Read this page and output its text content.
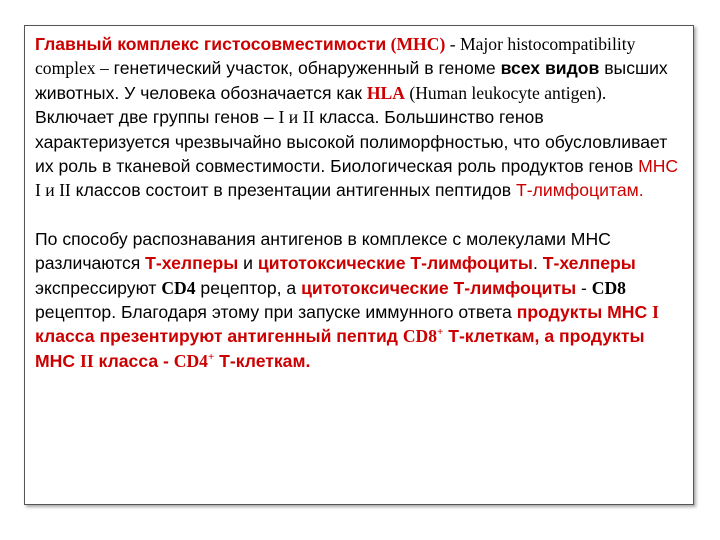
Главный комплекс гистосовместимости (MHC) - Major histocompatibility complex – генетический участок, обнаруженный в геноме всех видов высших животных. У человека обозначается как HLA (Human leukocyte antigen). Включает две группы генов – I и II класса. Большинство генов характеризуется чрезвычайно высокой полиморфностью, что обусловливает их роль в тканевой совместимости. Биологическая роль продуктов генов MHC I и II классов состоит в презентации антигенных пептидов Т-лимфоцитам.

По способу распознавания антигенов в комплексе с молекулами МНС различаются Т-хелперы и цитотоксические Т-лимфоциты. Т-хелперы экспрессируют CD4 рецептор, а цитотоксические Т-лимфоциты - CD8 рецептор. Благодаря этому при запуске иммунного ответа продукты МНС I класса презентируют антигенный пептид CD8+ Т-клеткам, а продукты МНС II класса - CD4+ Т-клеткам.
